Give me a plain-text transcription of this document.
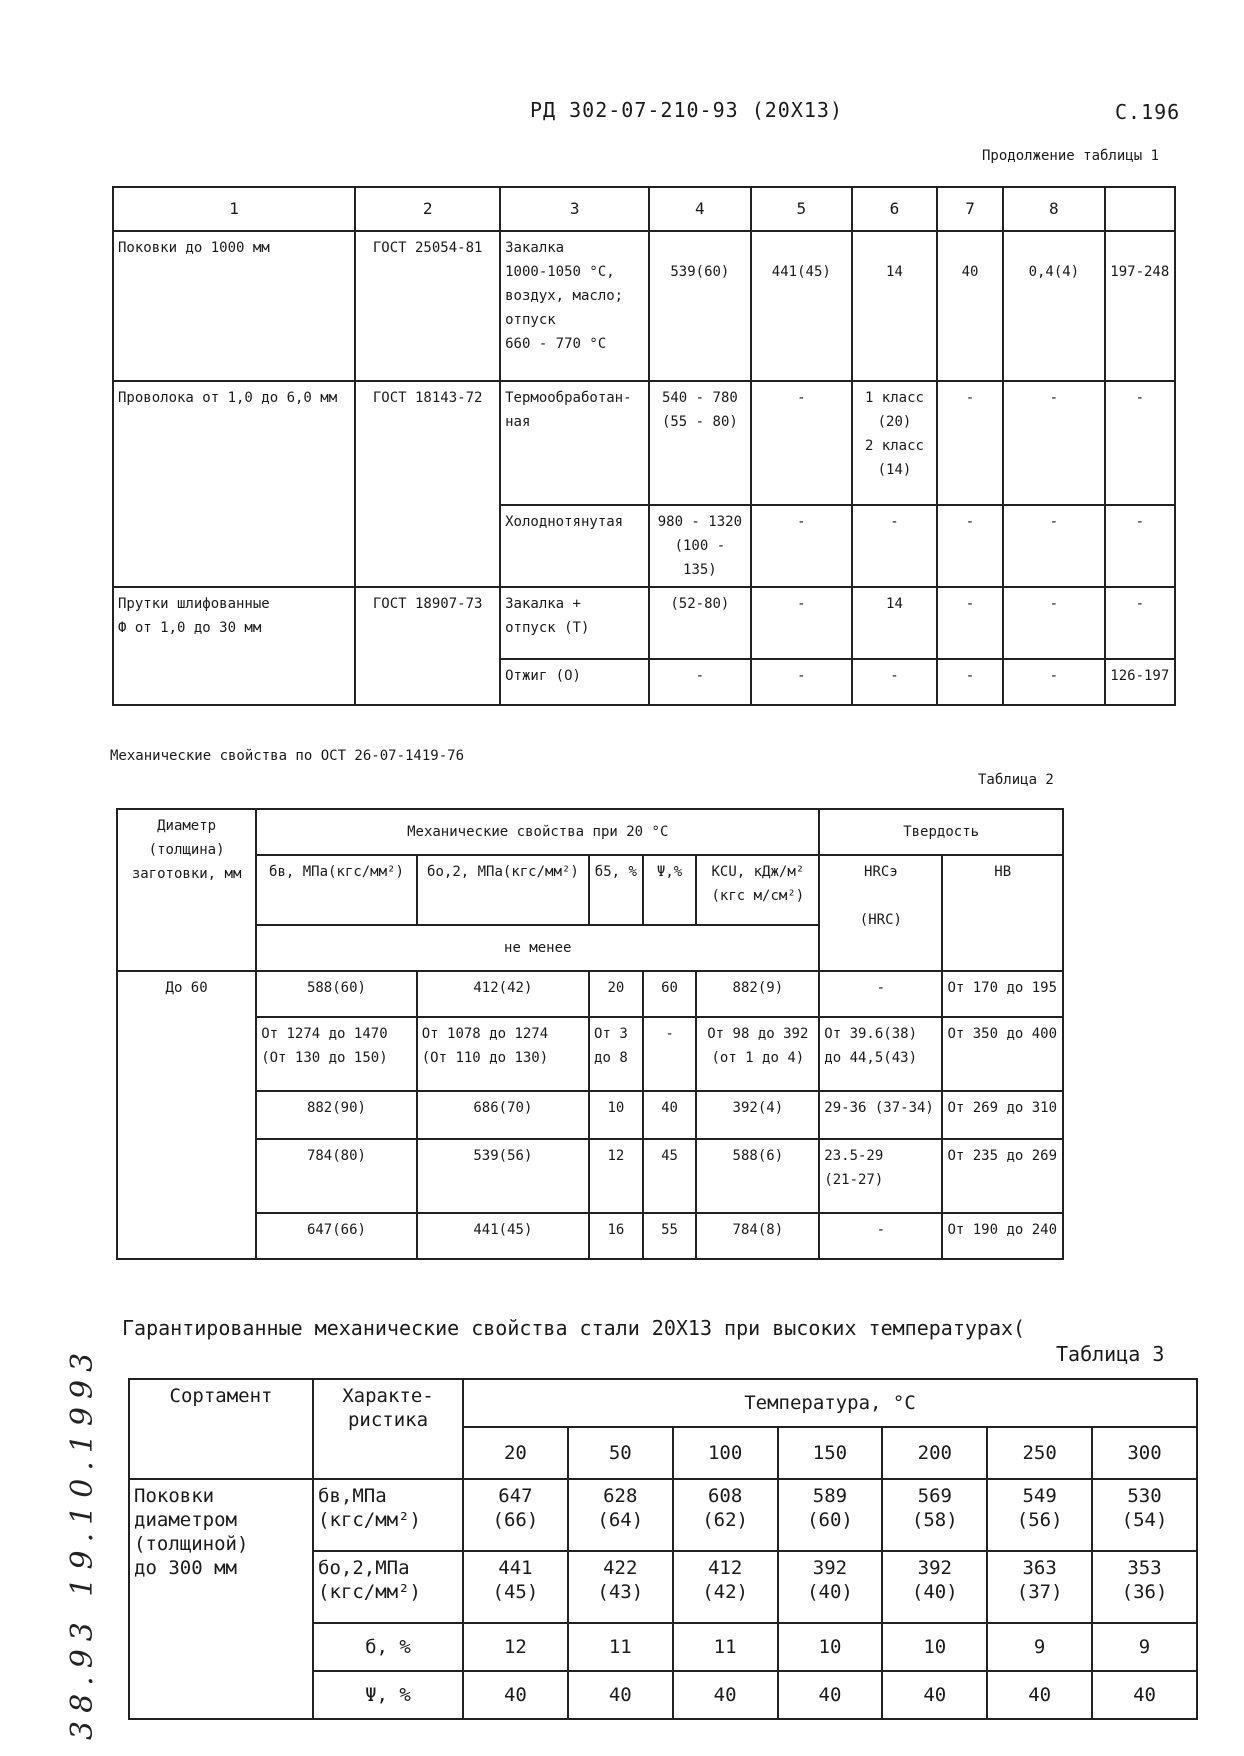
РД 302-07-210-93 (20Х13)	С.196
Продолжение таблицы 1
1	2	3	4	5	6	7	8	
Поковки до 1000 мм	ГОСТ 25054-81	Закалка
1000-1050 °С,
воздух, масло;
отпуск
660 - 770 °С	539(60)	441(45)	14	40	0,4(4)	197-248
Проволока от 1,0 до 6,0 мм	ГОСТ 18143-72	Термообработан-
ная	540 - 780
(55 - 80)	-	1 класс
(20)
2 класс
(14)	-	-	-
		Холоднотянутая	980 - 1320
(100 - 135)	-	-	-	-	-
Прутки шлифованные
Ф от 1,0 до 30 мм	ГОСТ 18907-73	Закалка +
отпуск (Т)	(52-80)	-	14	-	-	-
		Отжиг (О)	-	-	-	-	-	126-197
Механические свойства по ОСТ 26-07-1419-76
Таблица 2
Диаметр
(толщина)
заготовки, мм	Механические свойства при 20 °С					Твердость	
	бв, МПа(кгс/мм²)	бо,2, МПа(кгс/мм²)	б5, %	Ψ,%	KCU, кДж/м²
(кгс м/см²)	HRCэ

(HRC)	НВ
	не менее						
До 60	588(60)	412(42)	20	60	882(9)	-	От 170 до 195
	От 1274 до 1470
(От 130 до 150)	От 1078 до 1274
(От 110 до 130)	От 3
до 8	-	От 98 до 392
(от 1 до 4)	От 39.6(38)
до 44,5(43)	От 350 до 400
	882(90)	686(70)	10	40	392(4)	29-36 (37-34)	От 269 до 310
	784(80)	539(56)	12	45	588(6)	23.5-29
(21-27)	От 235 до 269
	647(66)	441(45)	16	55	784(8)	-	От 190 до 240
Гарантированные механические свойства стали 20Х13 при высоких температурах(
Таблица 3
Сортамент	Характе-
ристика	Температура, °С						
		20	50	100	150	200	250	300
Поковки
диаметром
(толщиной)
до 300 мм	бв,МПа
(кгс/мм²)	647
(66)	628
(64)	608
(62)	589
(60)	569
(58)	549
(56)	530
(54)
	бо,2,МПа
(кгс/мм²)	441
(45)	422
(43)	412
(42)	392
(40)	392
(40)	363
(37)	353
(36)
	б, %	12	11	11	10	10	9	9
	Ψ, %	40	40	40	40	40	40	40
38.93 19.10.1993
